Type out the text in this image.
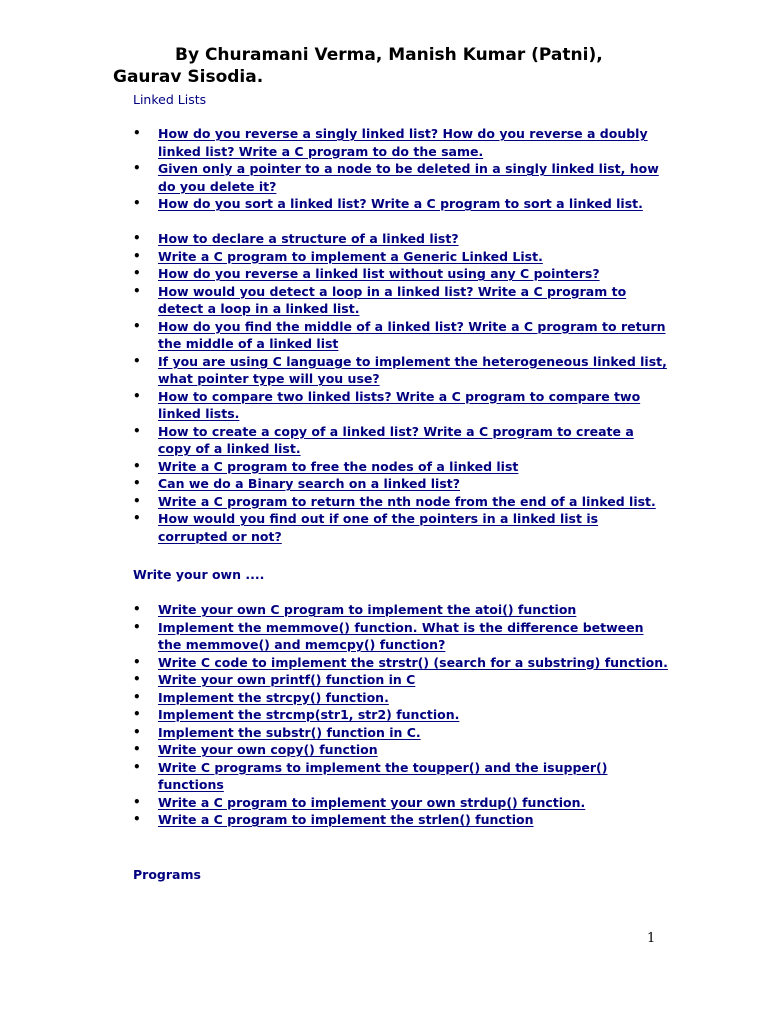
By Churamani Verma, Manish Kumar (Patni), Gaurav Sisodia.

Linked Lists

• How do you reverse a singly linked list? How do you reverse a doubly linked list? Write a C program to do the same.
• Given only a pointer to a node to be deleted in a singly linked list, how do you delete it?
• How do you sort a linked list? Write a C program to sort a linked list.
• How to declare a structure of a linked list?
• Write a C program to implement a Generic Linked List.
• How do you reverse a linked list without using any C pointers?
• How would you detect a loop in a linked list? Write a C program to detect a loop in a linked list.
• How do you find the middle of a linked list? Write a C program to return the middle of a linked list
• If you are using C language to implement the heterogeneous linked list, what pointer type will you use?
• How to compare two linked lists? Write a C program to compare two linked lists.
• How to create a copy of a linked list? Write a C program to create a copy of a linked list.
• Write a C program to free the nodes of a linked list
• Can we do a Binary search on a linked list?
• Write a C program to return the nth node from the end of a linked list.
• How would you find out if one of the pointers in a linked list is corrupted or not?

Write your own ....

• Write your own C program to implement the atoi() function
• Implement the memmove() function. What is the difference between the memmove() and memcpy() function?
• Write C code to implement the strstr() (search for a substring) function.
• Write your own printf() function in C
• Implement the strcpy() function.
• Implement the strcmp(str1, str2) function.
• Implement the substr() function in C.
• Write your own copy() function
• Write C programs to implement the toupper() and the isupper() functions
• Write a C program to implement your own strdup() function.
• Write a C program to implement the strlen() function

Programs

1
